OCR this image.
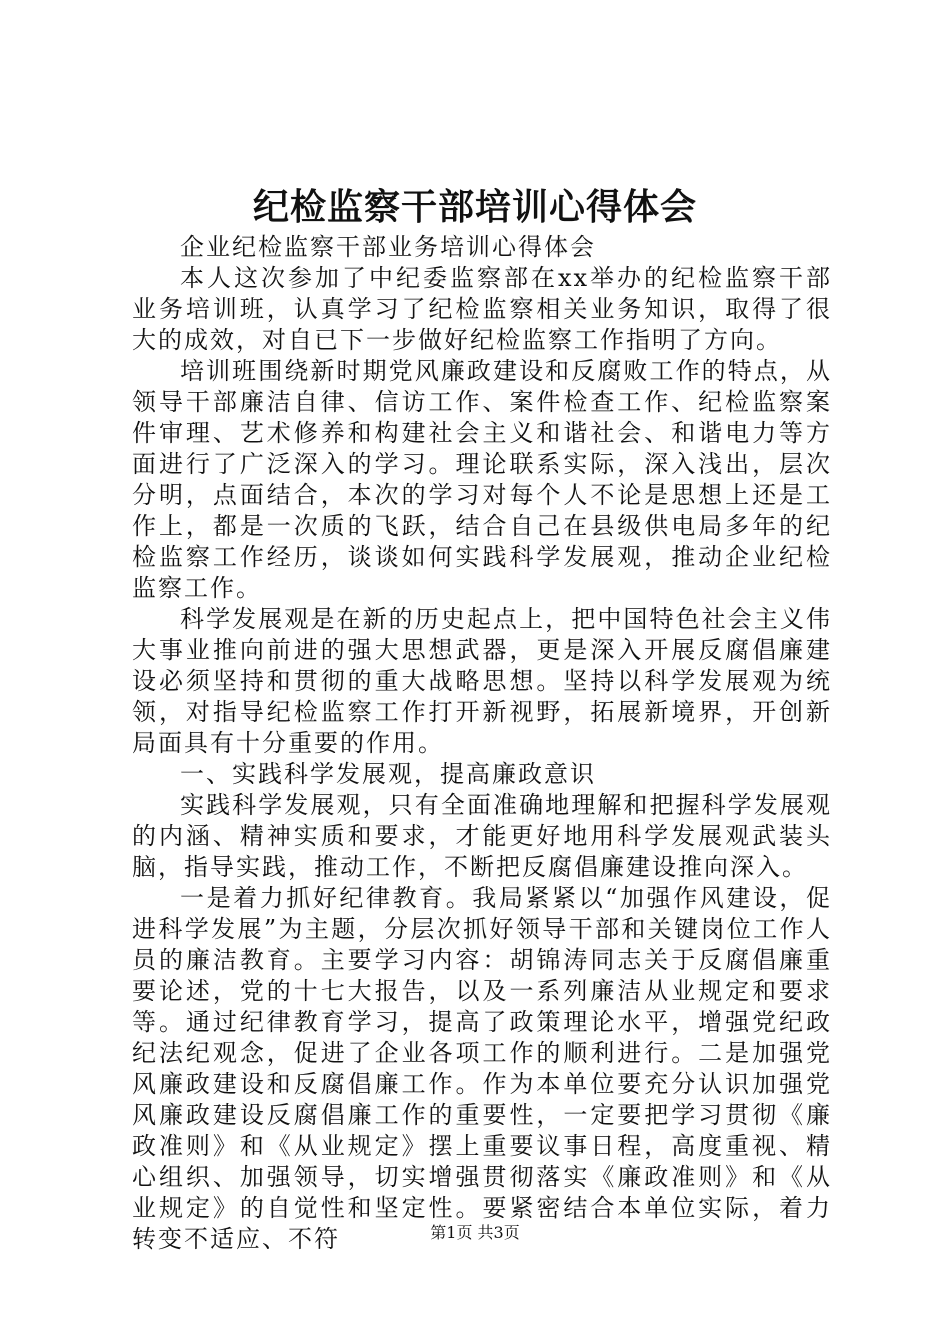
纪检监察干部培训心得体会

企业纪检监察干部业务培训心得体会

本人这次参加了中纪委监察部在xx举办的纪检监察干部业务培训班，认真学习了纪检监察相关业务知识，取得了很大的成效，对自已下一步做好纪检监察工作指明了方向。

培训班围绕新时期党风廉政建设和反腐败工作的特点，从领导干部廉洁自律、信访工作、案件检查工作、纪检监察案件审理、艺术修养和构建社会主义和谐社会、和谐电力等方面进行了广泛深入的学习。理论联系实际，深入浅出，层次分明，点面结合，本次的学习对每个人不论是思想上还是工作上，都是一次质的飞跃，结合自己在县级供电局多年的纪检监察工作经历，谈谈如何实践科学发展观，推动企业纪检监察工作。

科学发展观是在新的历史起点上，把中国特色社会主义伟大事业推向前进的强大思想武器，更是深入开展反腐倡廉建设必须坚持和贯彻的重大战略思想。坚持以科学发展观为统领，对指导纪检监察工作打开新视野，拓展新境界，开创新局面具有十分重要的作用。

一、实践科学发展观，提高廉政意识

实践科学发展观，只有全面准确地理解和把握科学发展观的内涵、精神实质和要求，才能更好地用科学发展观武装头脑，指导实践，推动工作，不断把反腐倡廉建设推向深入。

一是着力抓好纪律教育。我局紧紧以“加强作风建设，促进科学发展”为主题，分层次抓好领导干部和关键岗位工作人员的廉洁教育。主要学习内容：胡锦涛同志关于反腐倡廉重要论述，党的十七大报告，以及一系列廉洁从业规定和要求等。通过纪律教育学习，提高了政策理论水平，增强党纪政纪法纪观念，促进了企业各项工作的顺利进行。二是加强党风廉政建设和反腐倡廉工作。作为本单位要充分认识加强党风廉政建设反腐倡廉工作的重要性，一定要把学习贯彻《廉政准则》和《从业规定》摆上重要议事日程，高度重视、精心组织、加强领导，切实增强贯彻落实《廉政准则》和《从业规定》的自觉性和坚定性。要紧密结合本单位实际，着力转变不适应、不符	第1页 共3页
